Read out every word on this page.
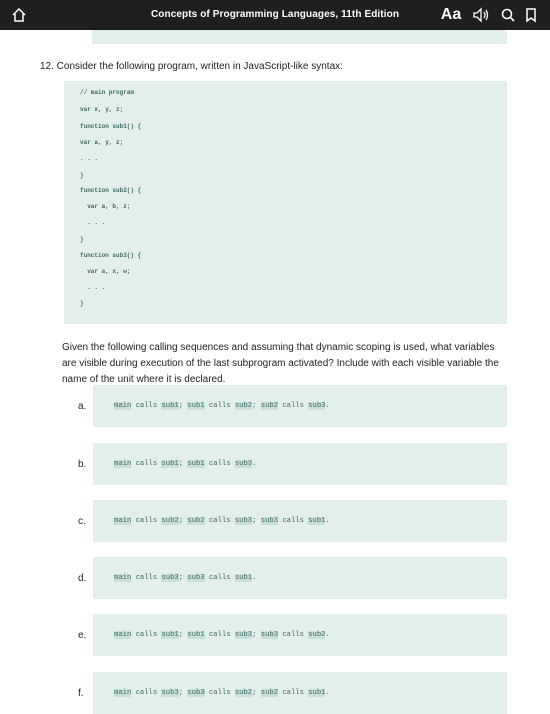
Concepts of Programming Languages, 11th Edition	Aa
12. Consider the following program, written in JavaScript-like syntax:
// main program
var x, y, z;
function sub1() {
var a, y, z;
. . .
}
function sub2() {
var a, b, z;
. . .
}
function sub3() {
var a, x, w;
. . .
}
Given the following calling sequences and assuming that dynamic scoping is used, what variables are visible during execution of the last subprogram activated? Include with each visible variable the name of the unit where it is declared.
a.	main calls sub1; sub1 calls sub2; sub2 calls sub3.
b.	main calls sub1; sub1 calls sub3.
c.	main calls sub2; sub2 calls sub3; sub3 calls sub1.
d.	main calls sub3; sub3 calls sub1.
e.	main calls sub1; sub1 calls sub3; sub3 calls sub2.
f.	main calls sub3; sub3 calls sub2; sub2 calls sub1.
